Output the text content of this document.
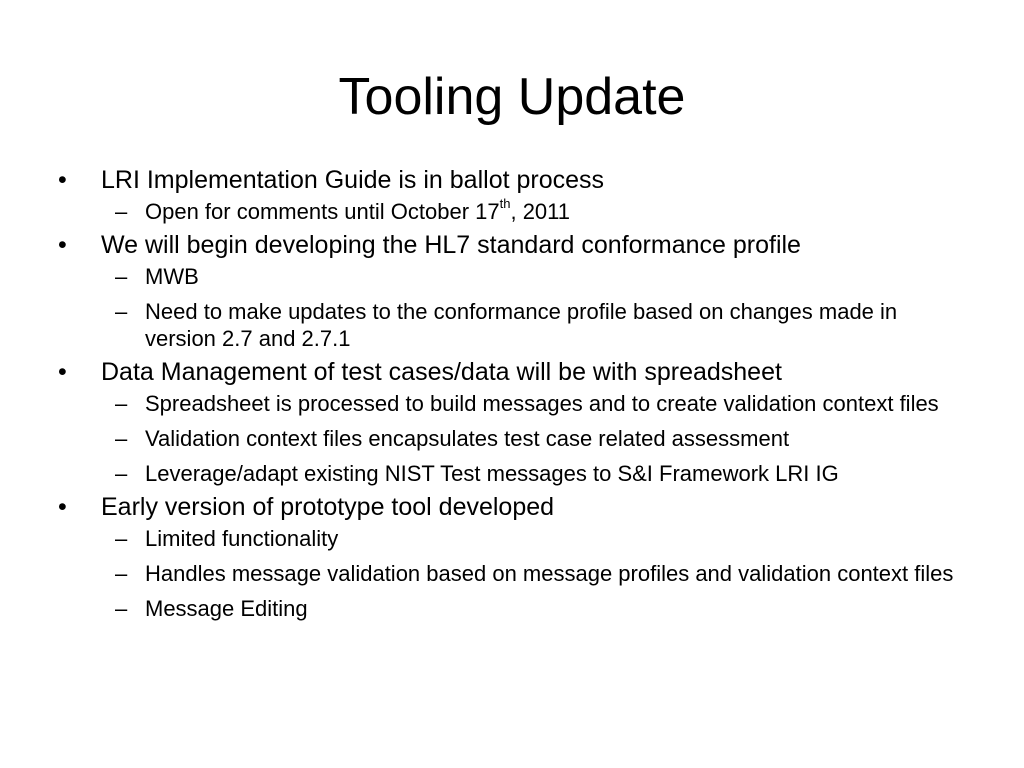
Tooling Update

•	LRI Implementation Guide is in ballot process

– Open for comments until October 17th, 2011

•	We will begin developing the HL7 standard conformance profile

– MWB

– Need to make updates to the conformance profile based on changes made in version 2.7 and 2.7.1

•	Data Management of test cases/data will be with spreadsheet

– Spreadsheet is processed to build messages and to create validation context files

– Validation context files encapsulates test case related assessment

– Leverage/adapt existing NIST Test messages to S&I Framework LRI IG

•	Early version of prototype tool developed

– Limited functionality

– Handles message validation based on message profiles and validation context files

– Message Editing
